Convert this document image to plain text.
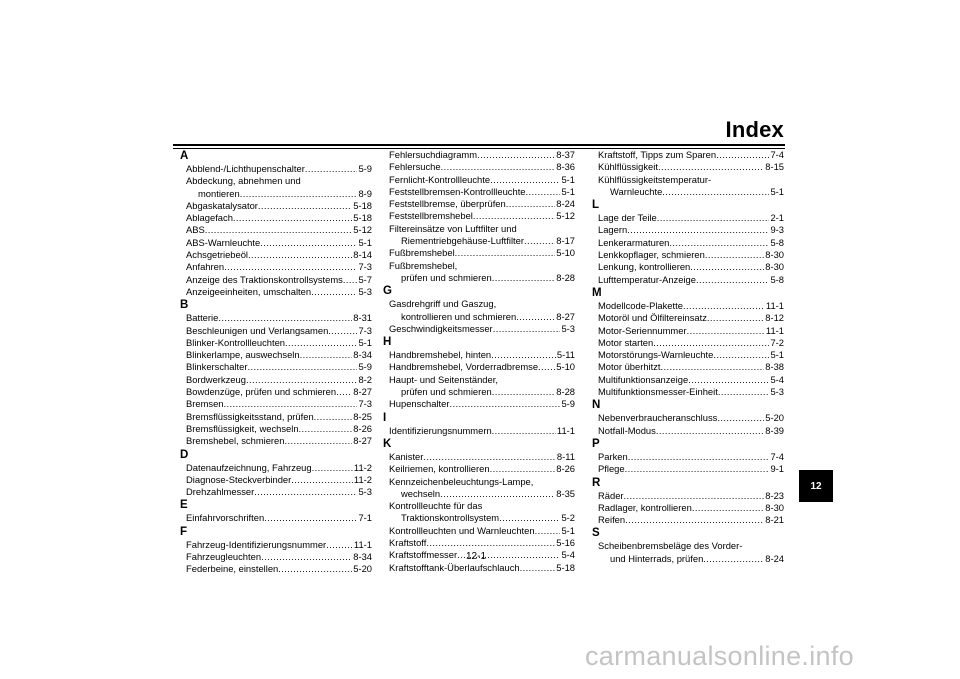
Index
A
Abblend-/Lichthupenschalter .....	5-9
Abdeckung, abnehmen und
montieren .....	8-9
Abgaskatalysator .....	5-18
Ablagefach .....	5-18
ABS .....	5-12
ABS-Warnleuchte .....	5-1
Achsgetriebeöl .....	8-14
Anfahren .....	7-3
Anzeige des Traktionskontrollsystems ..... 5-7
Anzeigeeinheiten, umschalten .....	5-3
B
Batterie .....	8-31
Beschleunigen und Verlangsamen .....	7-3
Blinker-Kontrollleuchten .....	5-1
Blinkerlampe, auswechseln .....	8-34
Blinkerschalter .....	5-9
Bordwerkzeug .....	8-2
Bowdenzüge, prüfen und schmieren ..... 8-27
Bremsen .....	7-3
Bremsflüssigkeitsstand, prüfen .....	8-25
Bremsflüssigkeit, wechseln .....	8-26
Bremshebel, schmieren .....	8-27
D
Datenaufzeichnung, Fahrzeug .....	11-2
Diagnose-Steckverbinder .....	11-2
Drehzahlmesser .....	5-3
E
Einfahrvorschriften .....	7-1
F
Fahrzeug-Identifizierungsnummer .....	11-1
Fahrzeugleuchten .....	8-34
Federbeine, einstellen .....	5-20
Fehlersuchdiagramm .....	8-37
Fehlersuche .....	8-36
Fernlicht-Kontrollleuchte .....	5-1
Feststellbremsen-Kontrollleuchte .....	5-1
Feststellbremse, überprüfen .....	8-24
Feststellbremshebel .....	5-12
Filtereinsätze von Luftfilter und
Riementriebgehäuse-Luftfilter .....	8-17
Fußbremshebel .....	5-10
Fußbremshebel,
prüfen und schmieren .....	8-28
G
Gasdrehgriff und Gaszug,
kontrollieren und schmieren .....	8-27
Geschwindigkeitsmesser .....	5-3
H
Handbremshebel, hinten .....	5-11
Handbremshebel, Vorderradbremse ..... 5-10
Haupt- und Seitenständer,
prüfen und schmieren .....	8-28
Hupenschalter .....	5-9
I
Identifizierungsnummern .....	11-1
K
Kanister .....	8-11
Keilriemen, kontrollieren .....	8-26
Kennzeichenbeleuchtungs-Lampe,
wechseln .....	8-35
Kontrollleuchte für das
Traktionskontrollsystem .....	5-2
Kontrollleuchten und Warnleuchten .....	5-1
Kraftstoff .....	5-16
Kraftstoffmesser .....	5-4
Kraftstofftank-Überlaufschlauch .....	5-18
Kraftstoff, Tipps zum Sparen .....	7-4
Kühlflüssigkeit .....	8-15
Kühlflüssigkeitstemperatur-
Warnleuchte .....	5-1
L
Lage der Teile .....	2-1
Lagern .....	9-3
Lenkerarmaturen .....	5-8
Lenkkopflager, schmieren .....	8-30
Lenkung, kontrollieren .....	8-30
Lufttemperatur-Anzeige .....	5-8
M
Modellcode-Plakette .....	11-1
Motoröl und Ölfiltereinsatz .....	8-12
Motor-Seriennummer .....	11-1
Motor starten .....	7-2
Motorstörungs-Warnleuchte .....	5-1
Motor überhitzt .....	8-38
Multifunktionsanzeige .....	5-4
Multifunktionsmesser-Einheit .....	5-3
N
Nebenverbraucheranschluss .....	5-20
Notfall-Modus .....	8-39
P
Parken .....	7-4
Pflege .....	9-1
R
Räder .....	8-23
Radlager, kontrollieren .....	8-30
Reifen .....	8-21
S
Scheibenbremsbeläge des Vorder-
und Hinterrads, prüfen .....	8-24
12
12-1
carmanualsonline.info
